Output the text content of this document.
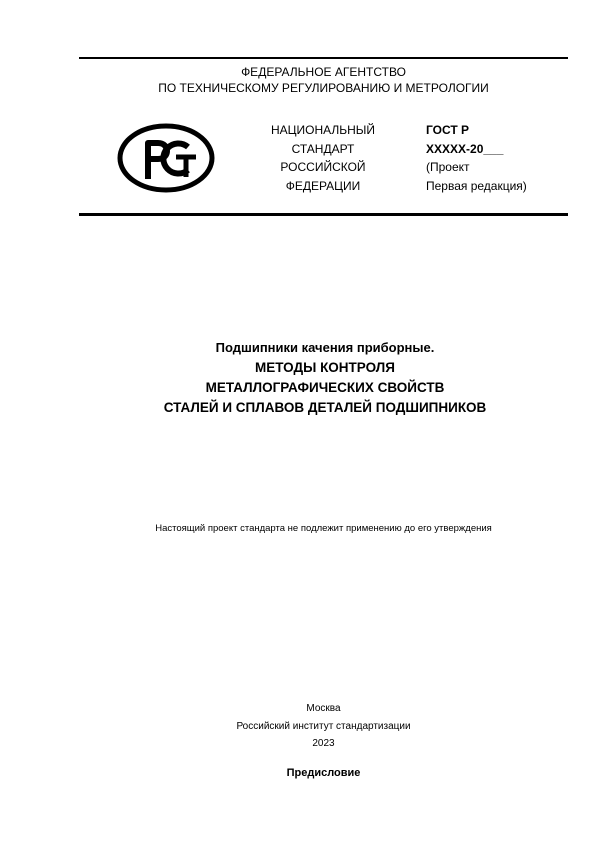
ФЕДЕРАЛЬНОЕ АГЕНТСТВО
ПО ТЕХНИЧЕСКОМУ РЕГУЛИРОВАНИЮ И МЕТРОЛОГИИ
НАЦИОНАЛЬНЫЙ
СТАНДАРТ
РОССИЙСКОЙ
ФЕДЕРАЦИИ
ГОСТ Р
ХХХХХ-20___
(Проект
Первая редакция)
Подшипники качения приборные.
МЕТОДЫ КОНТРОЛЯ
МЕТАЛЛОГРАФИЧЕСКИХ СВОЙСТВ
СТАЛЕЙ И СПЛАВОВ ДЕТАЛЕЙ ПОДШИПНИКОВ
Настоящий проект стандарта не подлежит применению до его утверждения
Москва
Российский институт стандартизации
2023
Предисловие
